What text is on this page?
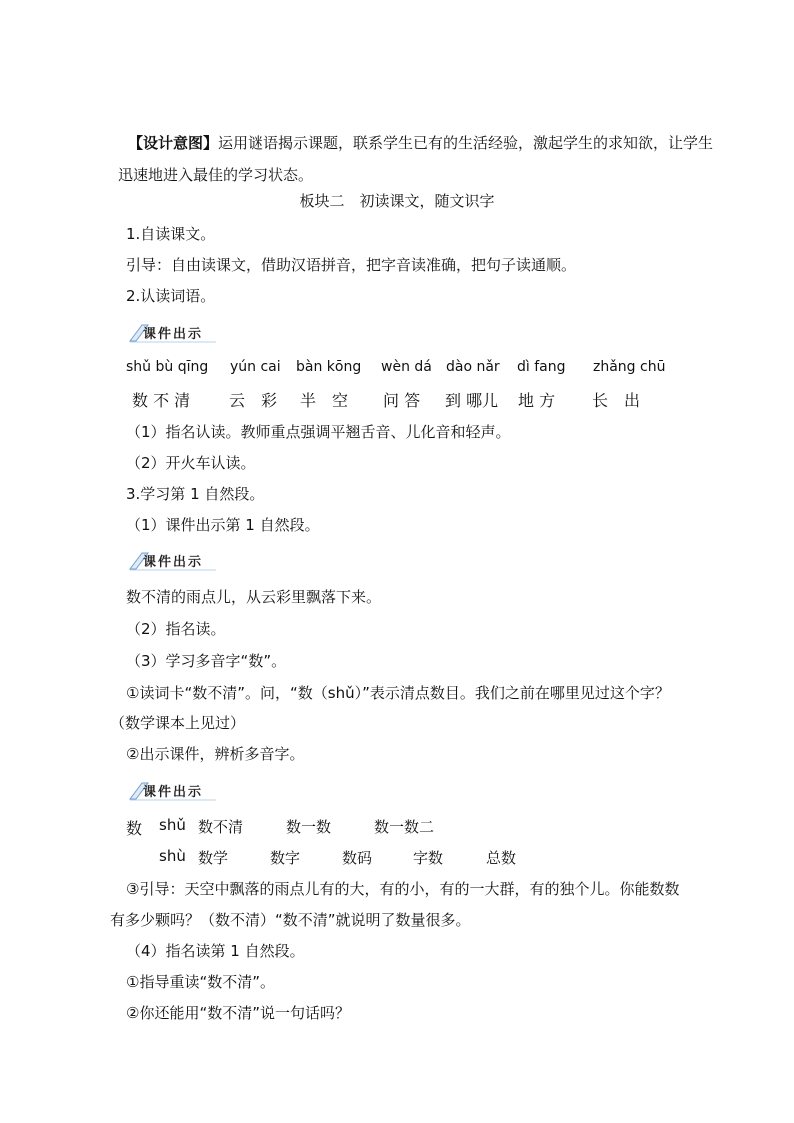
【设计意图】运用谜语揭示课题，联系学生已有的生活经验，激起学生的求知欲，让学生迅速地进入最佳的学习状态。
板块二　初读课文，随文识字
1.自读课文。
引导：自由读课文，借助汉语拼音，把字音读准确，把句子读通顺。
2.认读词语。
课件出示
shǔ bù qīng yún cai bàn kōng wèn dá dào nǎr dì fang zhǎng chū
数 不 清 云　彩 半　空 问 答 到 哪儿 地 方 长　出
（1）指名认读。教师重点强调平翘舌音、儿化音和轻声。
（2）开火车认读。
3.学习第 1 自然段。
（1）课件出示第 1 自然段。
课件出示
数不清的雨点儿，从云彩里飘落下来。
（2）指名读。
（3）学习多音字“数”。
①读词卡“数不清”。问，“数（shǔ）”表示清点数目。我们之前在哪里见过这个字？
（数学课本上见过）
②出示课件，辨析多音字。
课件出示
数 shǔ 数不清	数一数	数一数二
shù 数学	数字	数码	字数	总数
③引导：天空中飘落的雨点儿有的大，有的小，有的一大群，有的独个儿。你能数数
有多少颗吗？（数不清）“数不清”就说明了数量很多。
（4）指名读第 1 自然段。
①指导重读“数不清”。
②你还能用“数不清”说一句话吗？
